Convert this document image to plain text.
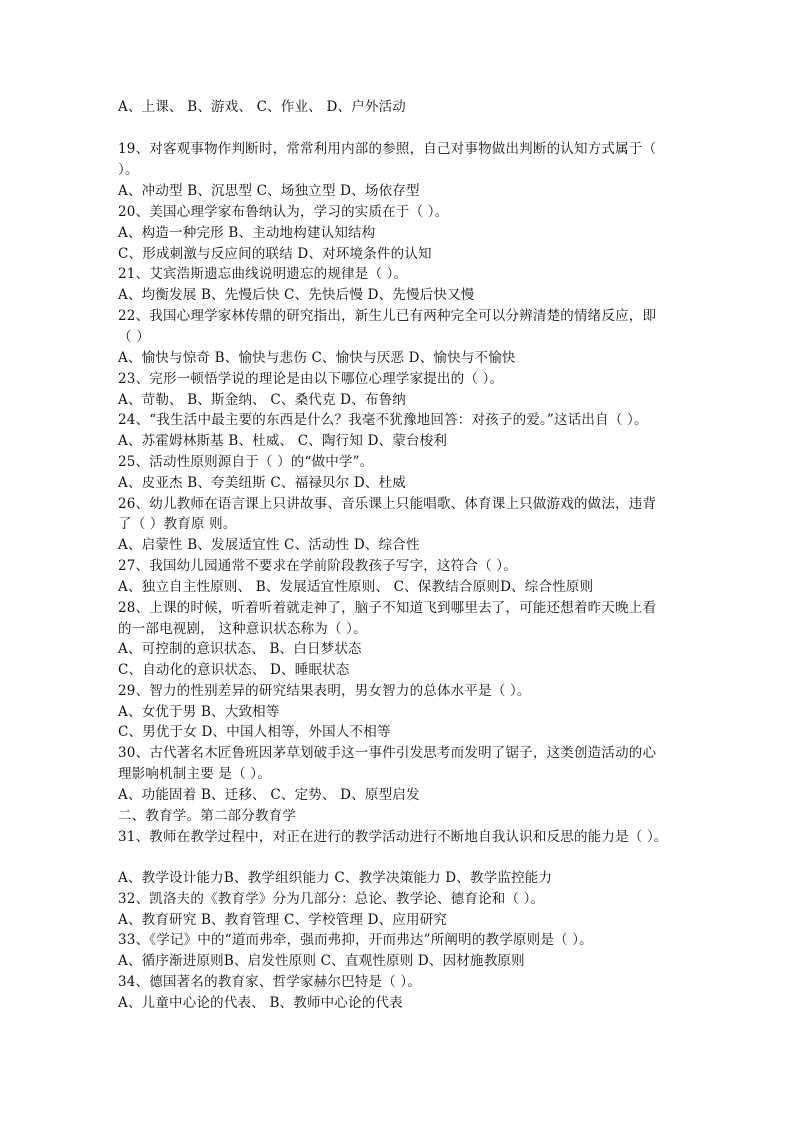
A、上课、 B、游戏、 C、作业、 D、户外活动
19、对客观事物作判断时，常常利用内部的参照，自己对事物做出判断的认知方式属于（
）。
A、冲动型 B、沉思型 C、场独立型 D、场依存型
20、美国心理学家布鲁纳认为，学习的实质在于（ ）。
A、构造一种完形 B、主动地构建认知结构
C、形成刺激与反应间的联结 D、对环境条件的认知
21、艾宾浩斯遗忘曲线说明遗忘的规律是（ ）。
A、均衡发展 B、先慢后快 C、先快后慢 D、先慢后快又慢
22、我国心理学家林传鼎的研究指出，新生儿已有两种完全可以分辨清楚的情绪反应，即
（ ）
A、愉快与惊奇 B、愉快与悲伤 C、愉快与厌恶 D、愉快与不愉快
23、完形一顿悟学说的理论是由以下哪位心理学家提出的（ ）。
A、苛勒、 B、斯金纳、 C、桑代克 D、布鲁纳
24、“我生活中最主要的东西是什么？我毫不犹豫地回答：对孩子的爱。”这话出自（ ）。
A、苏霍姆林斯基 B、杜威、 C、陶行知 D、蒙台梭利
25、活动性原则源自于（ ）的“做中学”。
A、皮亚杰 B、夸美纽斯 C、福禄贝尔 D、杜威
26、幼儿教师在语言课上只讲故事、音乐课上只能唱歌、体育课上只做游戏的做法，违背
了（ ）教育原 则。
A、启蒙性 B、发展适宜性 C、活动性 D、综合性
27、我国幼儿园通常不要求在学前阶段教孩子写字，这符合（ ）。
A、独立自主性原则、 B、发展适宜性原则、 C、保教结合原则D、综合性原则
28、上课的时候，听着听着就走神了，脑子不知道飞到哪里去了，可能还想着昨天晚上看
的一部电视剧， 这种意识状态称为（ ）。
A、可控制的意识状态、 B、白日梦状态
C、自动化的意识状态、 D、睡眠状态
29、智力的性别差异的研究结果表明，男女智力的总体水平是（ ）。
A、女优于男 B、大致相等
C、男优于女 D、中国人相等，外国人不相等
30、古代著名木匠鲁班因茅草划破手这一事件引发思考而发明了锯子，这类创造活动的心
理影响机制主要 是（ ）。
A、功能固着 B、迁移、 C、定势、 D、原型启发
二、教育学。第二部分教育学
31、教师在教学过程中，对正在进行的教学活动进行不断地自我认识和反思的能力是（ ）。
A、教学设计能力B、教学组织能力 C、教学决策能力 D、教学监控能力
32、凯洛夫的《教育学》分为几部分：总论、教学论、德育论和（ ）。
A、教育研究 B、教育管理 C、学校管理 D、应用研究
33、《学记》中的“道而弗牵，强而弗抑，开而弗达”所阐明的教学原则是（ ）。
A、循序渐进原则B、启发性原则 C、直观性原则 D、因材施教原则
34、德国著名的教育家、哲学家赫尔巴特是（ ）。
A、儿童中心论的代表、 B、教师中心论的代表
